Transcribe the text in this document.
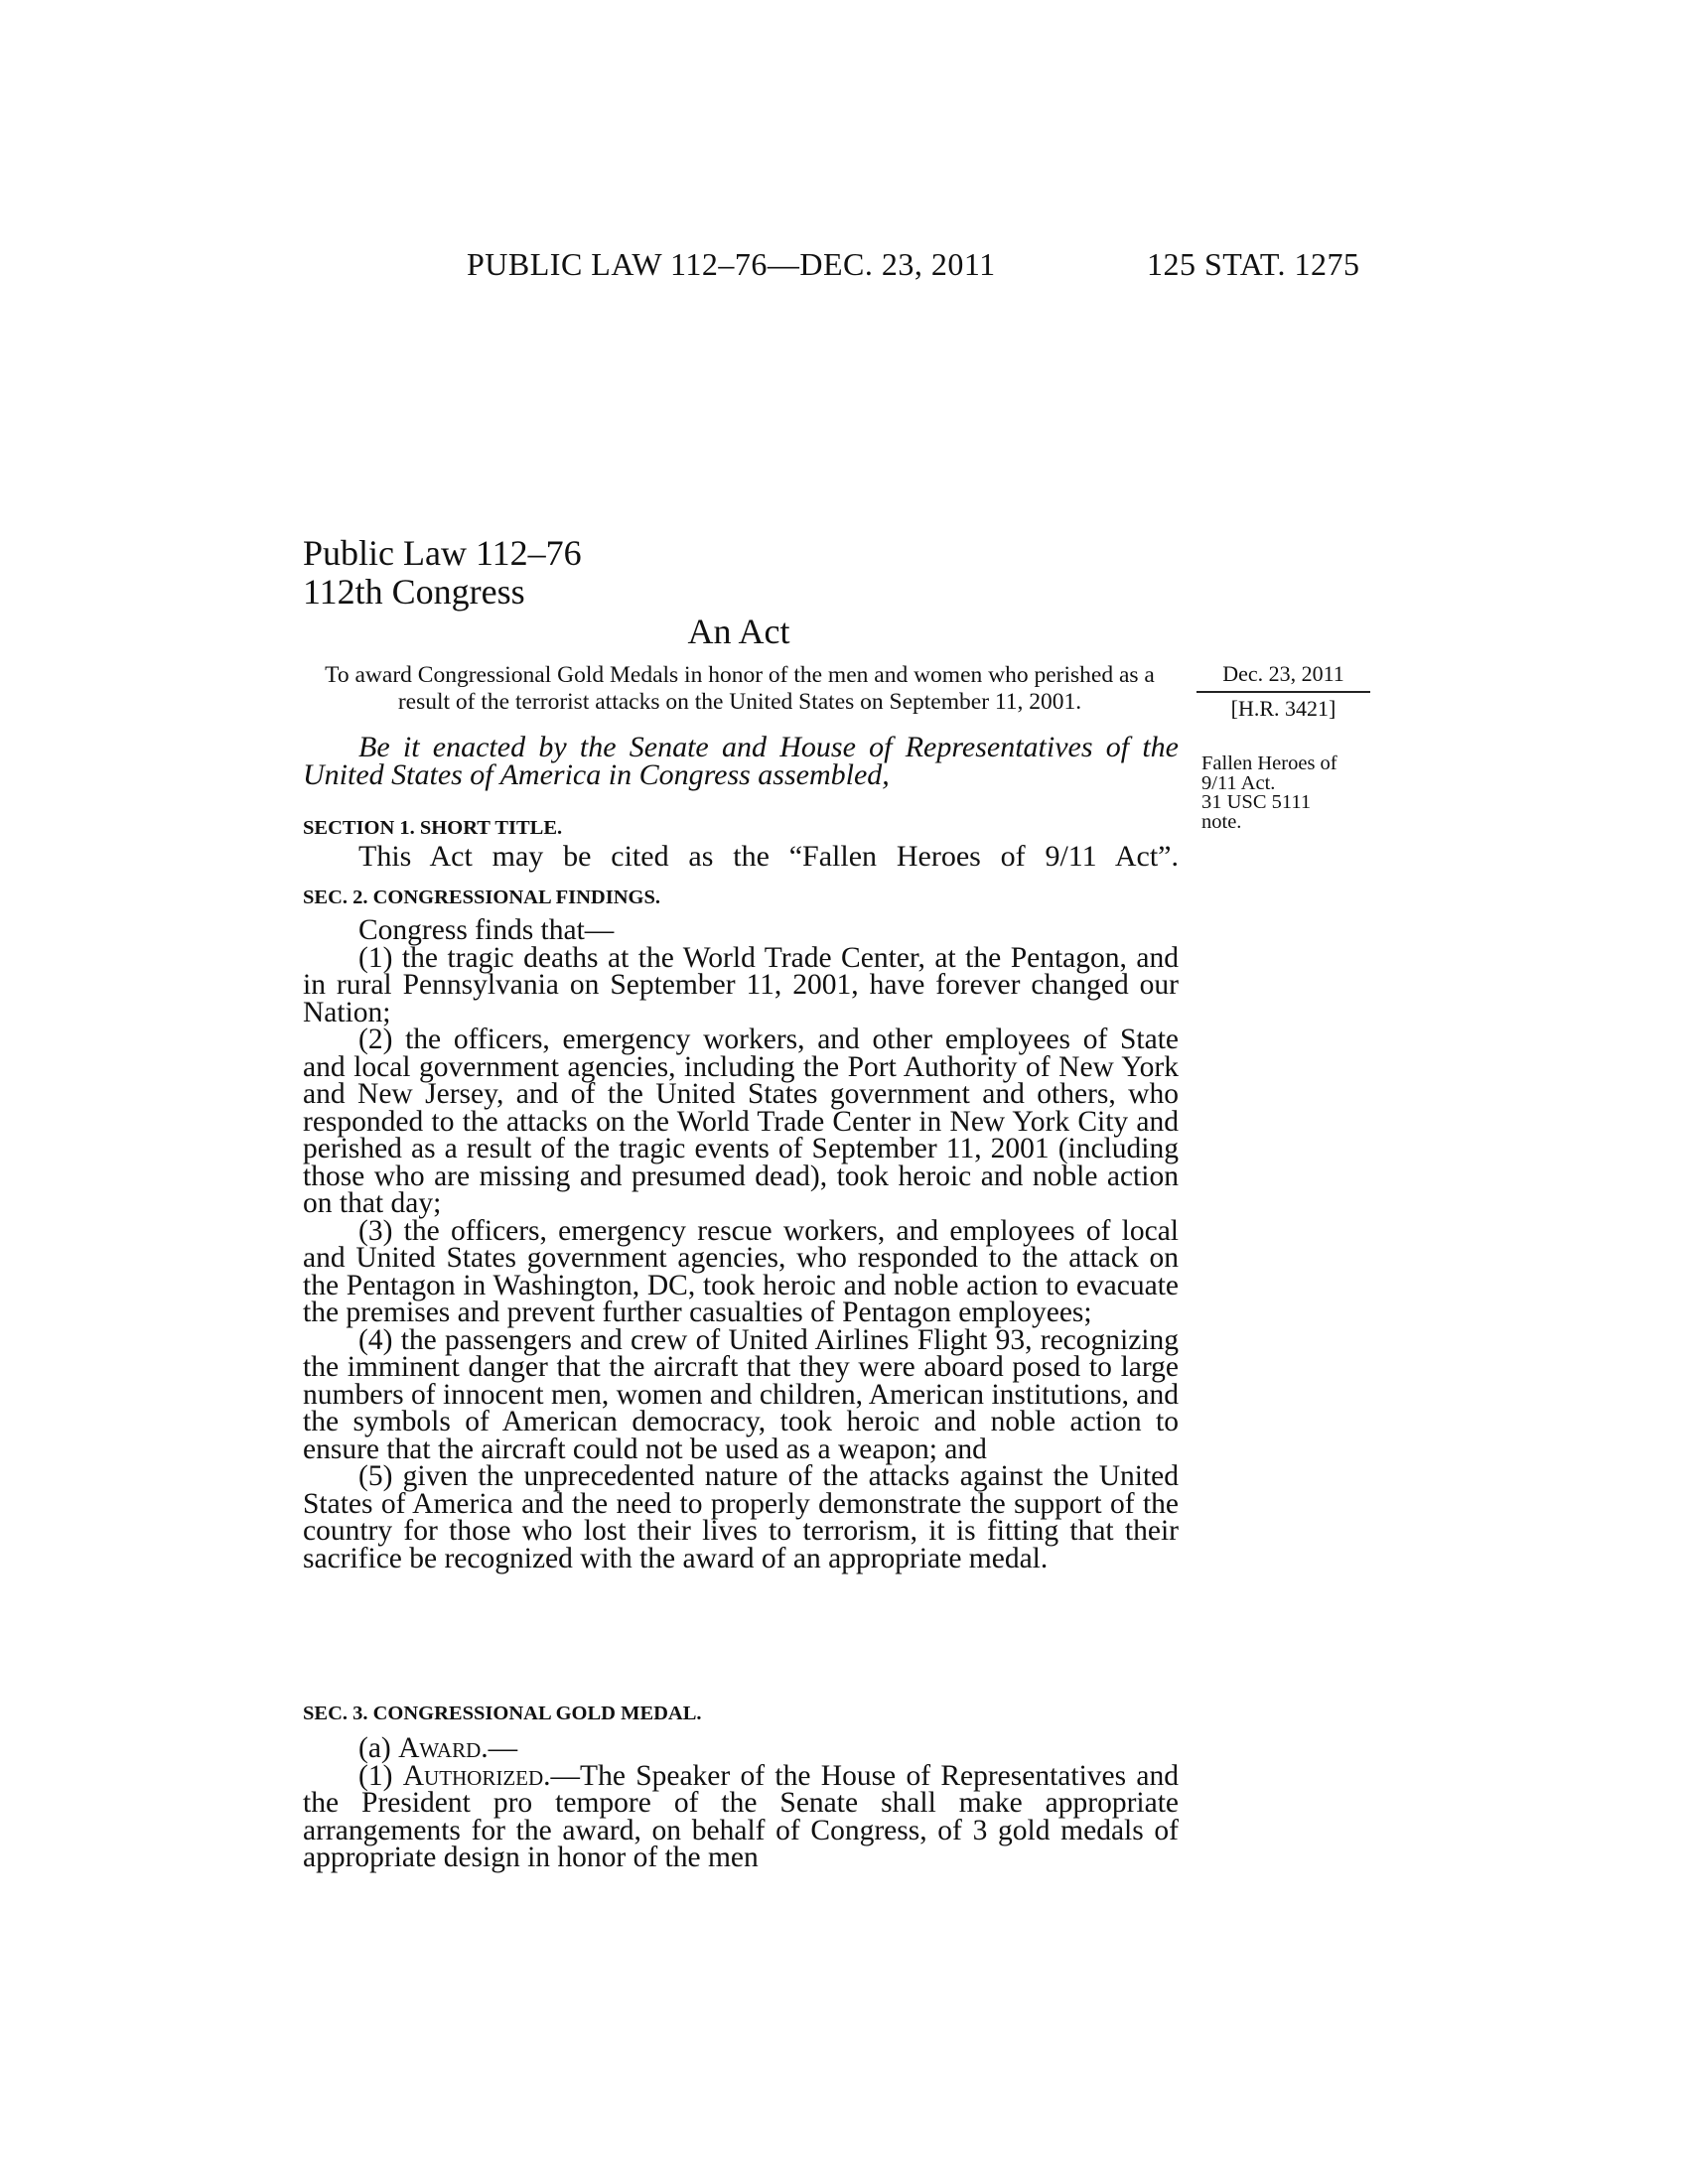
PUBLIC LAW 112–76—DEC. 23, 2011	125 STAT. 1275
Public Law 112–76
112th Congress
An Act
To award Congressional Gold Medals in honor of the men and women who perished as a result of the terrorist attacks on the United States on September 11, 2001.
Dec. 23, 2011
[H.R. 3421]
Be it enacted by the Senate and House of Representatives of the United States of America in Congress assembled,	Fallen Heroes of
9/11 Act.
31 USC 5111
note.
SECTION 1. SHORT TITLE.
This Act may be cited as the “Fallen Heroes of 9/11 Act”.
SEC. 2. CONGRESSIONAL FINDINGS.

Congress finds that—

(1) the tragic deaths at the World Trade Center, at the Pentagon, and in rural Pennsylvania on September 11, 2001, have forever changed our Nation;

(2) the officers, emergency workers, and other employees of State and local government agencies, including the Port Authority of New York and New Jersey, and of the United States government and others, who responded to the attacks on the World Trade Center in New York City and perished as a result of the tragic events of September 11, 2001 (including those who are missing and presumed dead), took heroic and noble action on that day;

(3) the officers, emergency rescue workers, and employees of local and United States government agencies, who responded to the attack on the Pentagon in Washington, DC, took heroic and noble action to evacuate the premises and prevent further casualties of Pentagon employees;

(4) the passengers and crew of United Airlines Flight 93, recognizing the imminent danger that the aircraft that they were aboard posed to large numbers of innocent men, women and children, American institutions, and the symbols of American democracy, took heroic and noble action to ensure that the aircraft could not be used as a weapon; and

(5) given the unprecedented nature of the attacks against the United States of America and the need to properly demonstrate the support of the country for those who lost their lives to terrorism, it is fitting that their sacrifice be recognized with the award of an appropriate medal.

SEC. 3. CONGRESSIONAL GOLD MEDAL.

(a) Award.—

(1) Authorized.—The Speaker of the House of Representatives and the President pro tempore of the Senate shall make appropriate arrangements for the award, on behalf of Congress, of 3 gold medals of appropriate design in honor of the men
